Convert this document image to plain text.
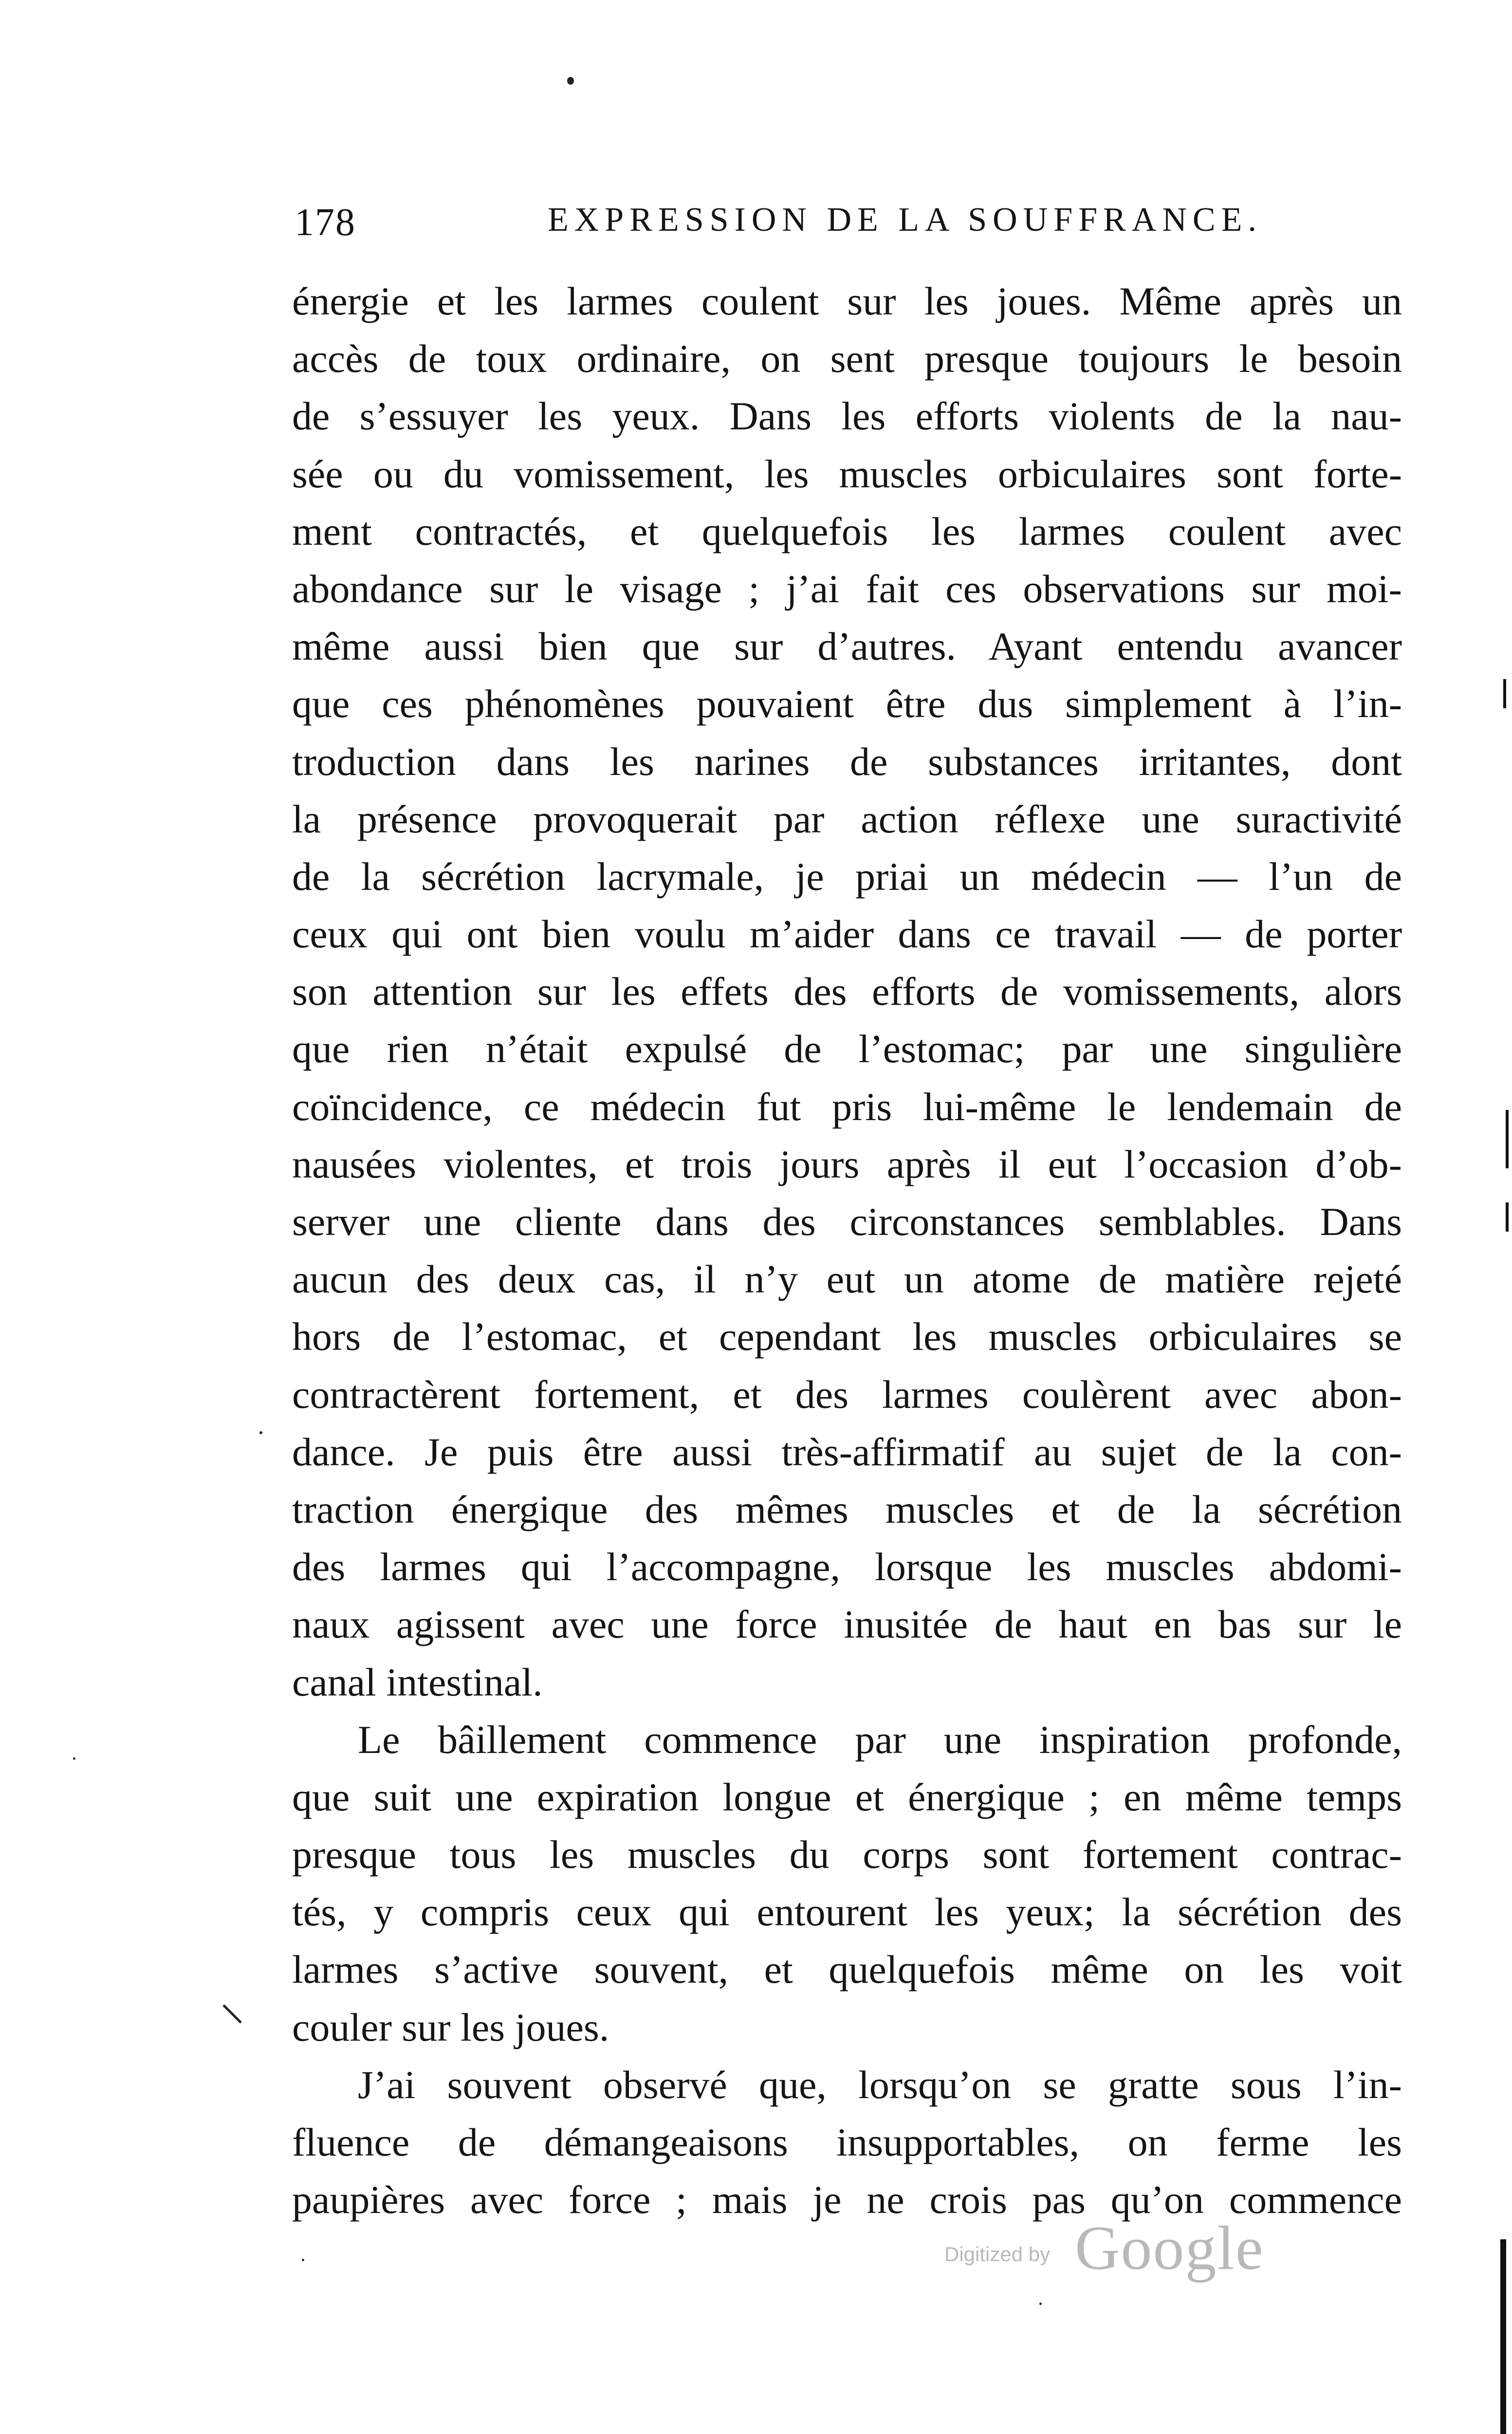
178	EXPRESSION DE LA SOUFFRANCE.
énergie et les larmes coulent sur les joues. Même après un
accès de toux ordinaire, on sent presque toujours le besoin
de s’essuyer les yeux. Dans les efforts violents de la nau-
sée ou du vomissement, les muscles orbiculaires sont forte-
ment contractés, et quelquefois les larmes coulent avec
abondance sur le visage ; j’ai fait ces observations sur moi-
même aussi bien que sur d’autres. Ayant entendu avancer
que ces phénomènes pouvaient être dus simplement à l’in-
troduction dans les narines de substances irritantes, dont
la présence provoquerait par action réflexe une suractivité
de la sécrétion lacrymale, je priai un médecin — l’un de
ceux qui ont bien voulu m’aider dans ce travail — de porter
son attention sur les effets des efforts de vomissements, alors
que rien n’était expulsé de l’estomac; par une singulière
coïncidence, ce médecin fut pris lui-même le lendemain de
nausées violentes, et trois jours après il eut l’occasion d’ob-
server une cliente dans des circonstances semblables. Dans
aucun des deux cas, il n’y eut un atome de matière rejeté
hors de l’estomac, et cependant les muscles orbiculaires se
contractèrent fortement, et des larmes coulèrent avec abon-
dance. Je puis être aussi très-affirmatif au sujet de la con-
traction énergique des mêmes muscles et de la sécrétion
des larmes qui l’accompagne, lorsque les muscles abdomi-
naux agissent avec une force inusitée de haut en bas sur le
canal intestinal.
Le bâillement commence par une inspiration profonde,
que suit une expiration longue et énergique ; en même temps
presque tous les muscles du corps sont fortement contrac-
tés, y compris ceux qui entourent les yeux; la sécrétion des
larmes s’active souvent, et quelquefois même on les voit
couler sur les joues.
J’ai souvent observé que, lorsqu’on se gratte sous l’in-
fluence de démangeaisons insupportables, on ferme les
paupières avec force ; mais je ne crois pas qu’on commence
Digitized by Google
